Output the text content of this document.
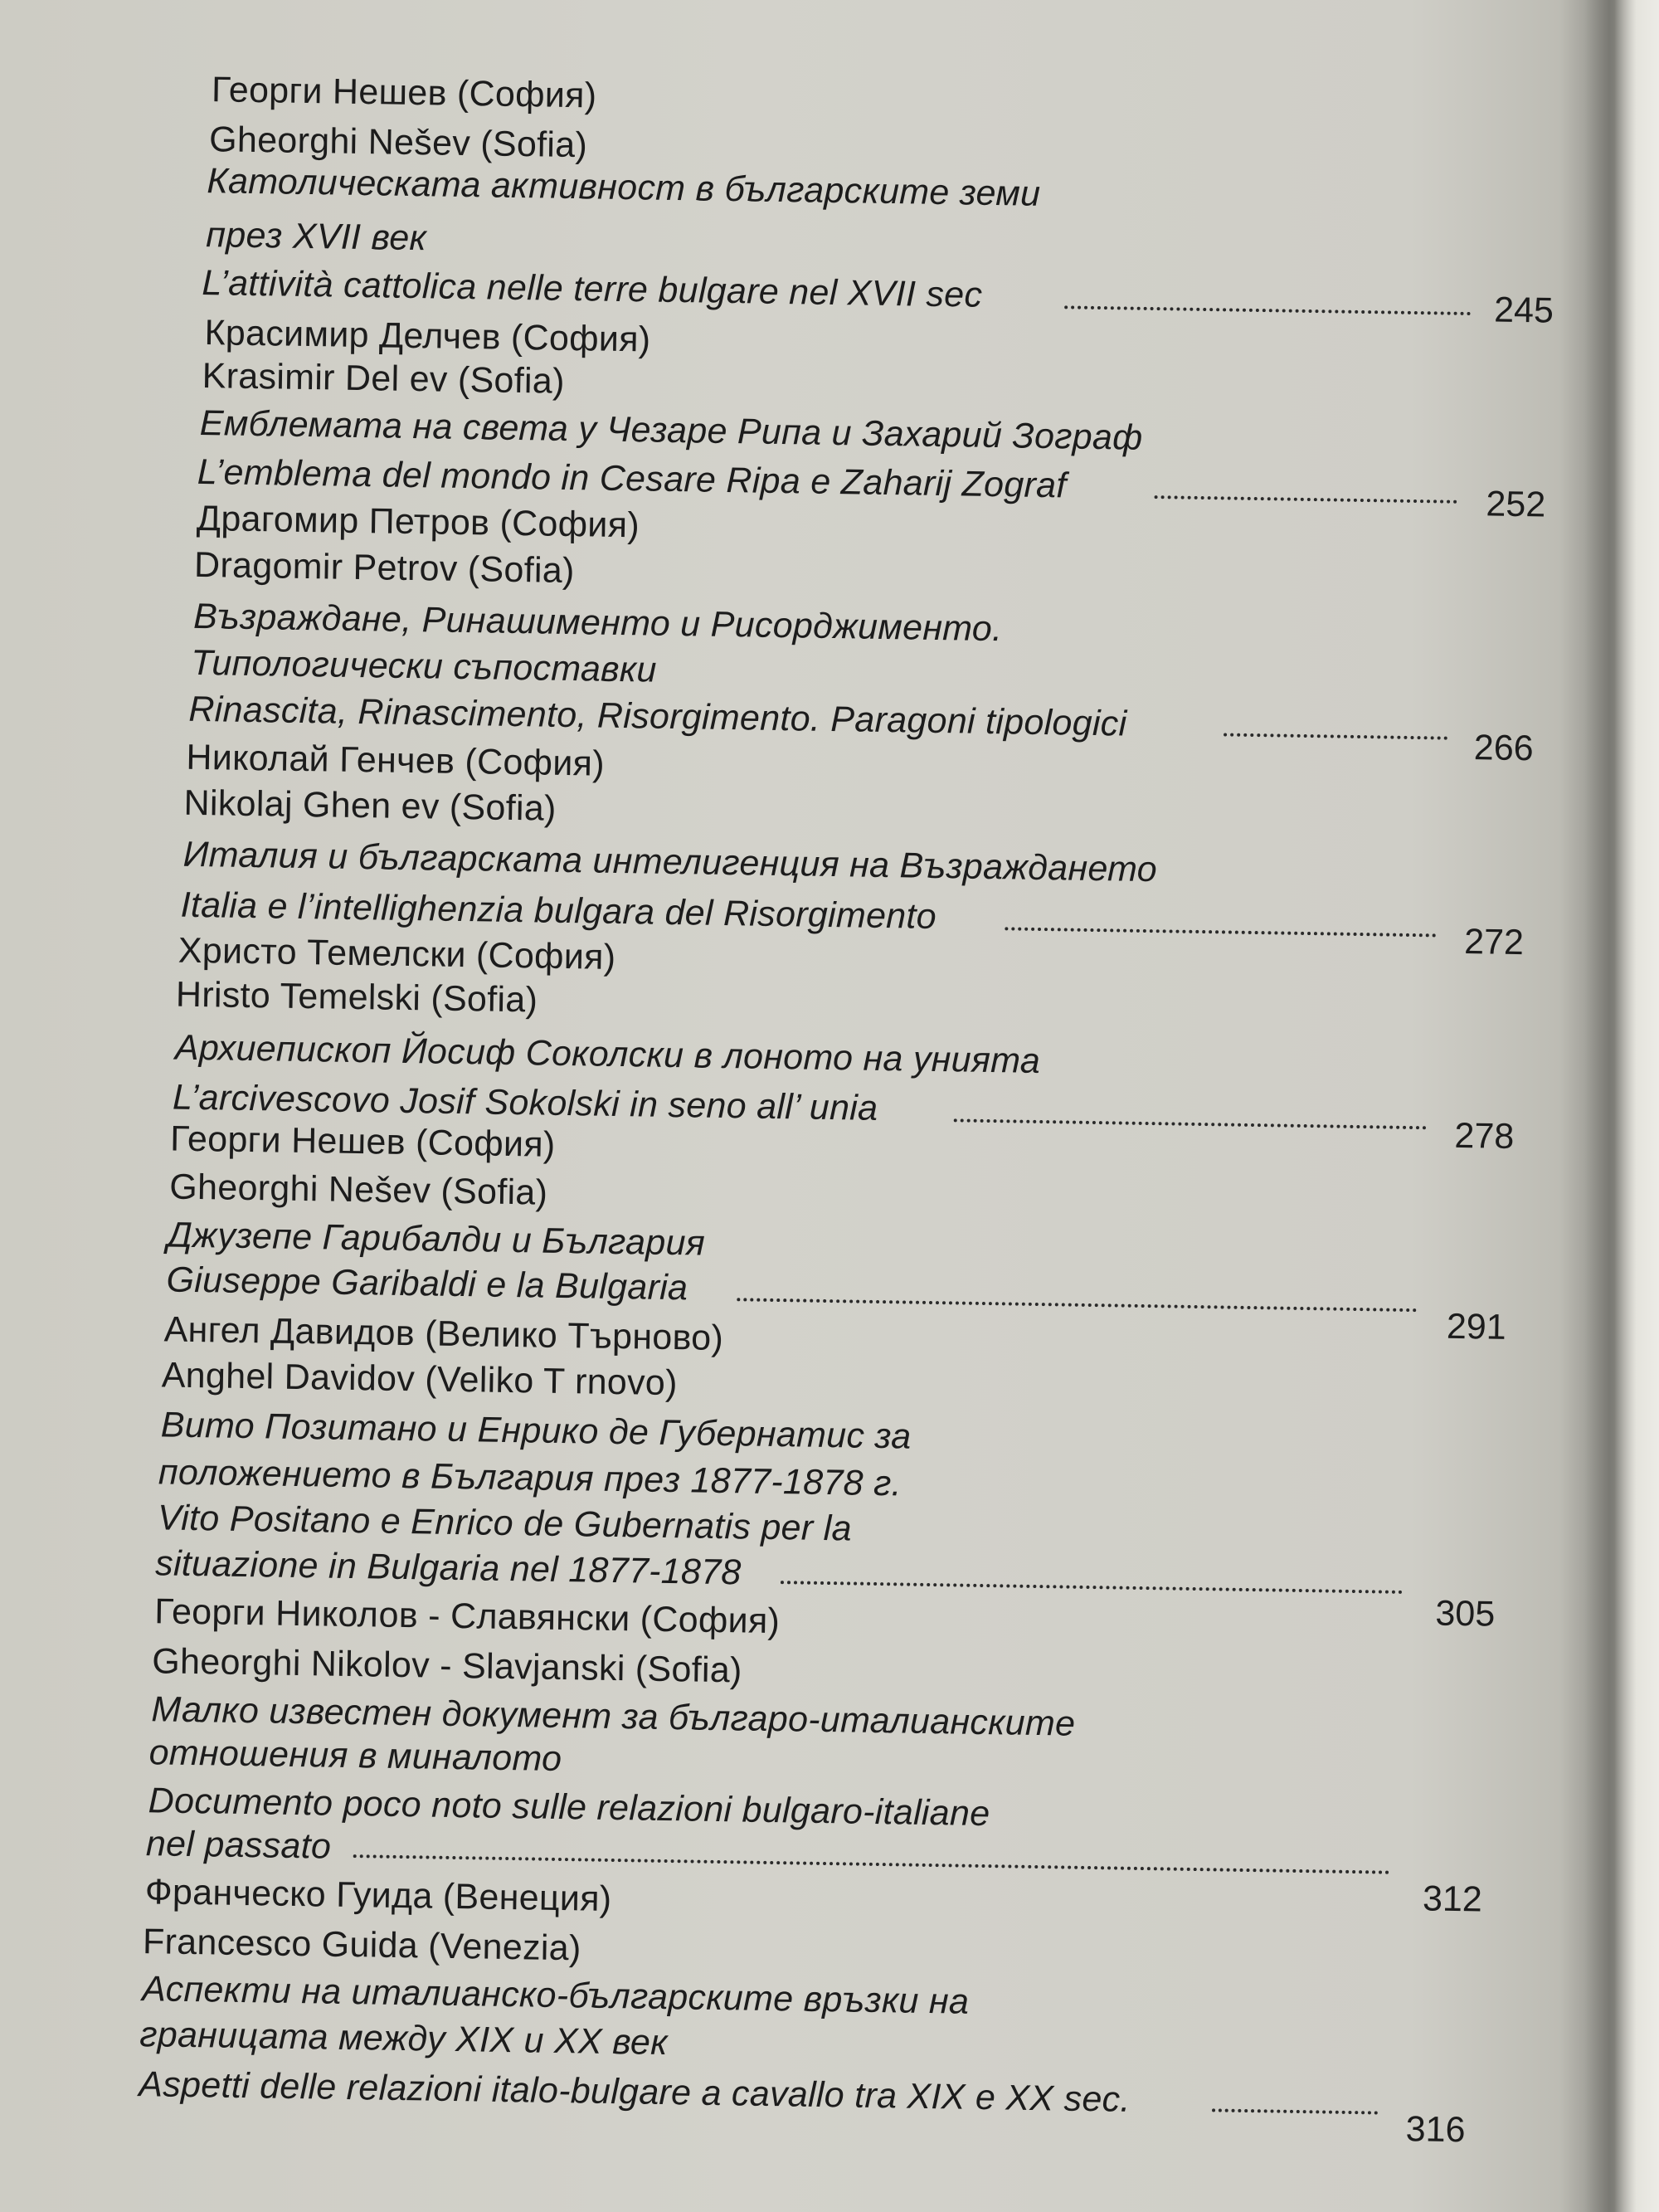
Георги Нешев (София)
Gheorghi Nešev (Sofia)
Католическата активност в българските земи
през XVII век
L’attività cattolica nelle terre bulgare nel XVII sec	245
Красимир Делчев (София)
Krasimir Del ev (Sofia)
Емблемата на света у Чезаре Рипа и Захарий Зограф
L’emblema del mondo in Cesare Ripa e Zaharij Zograf	252
Драгомир Петров (София)
Dragomir Petrov (Sofia)
Възраждане, Ринашименто и Рисорджименто.
Типологически съпоставки
Rinascita, Rinascimento, Risorgimento. Paragoni tipologici
266
Николай Генчев (София)
Nikolaj Ghen ev (Sofia)
Италия и българската интелигенция на Възраждането
Italia e l’intellighenzia bulgara del Risorgimento
272
Христо Темелски (София)
Hristo Temelski (Sofia)
Архиепископ Йосиф Соколски в лоното на унията
L’arcivescovo Josif Sokolski in seno all’ unia
278
Георги Нешев (София)
Gheorghi Nešev (Sofia)
Джузепе Гарибалди и България
Giuseppe Garibaldi e la Bulgaria
291
Ангел Давидов (Велико Търново)
Anghel Davidov (Veliko T rnovo)
Вито Позитано и Енрико де Губернатис за
положението в България през 1877-1878 г.
Vito Positano e Enrico de Gubernatis per la
situazione in Bulgaria nel 1877-1878
305
Георги Николов - Славянски (София)
Gheorghi Nikolov - Slavjanski (Sofia)
Малко известен документ за българо-италианските
отношения в миналото
Documento poco noto sulle relazioni bulgaro-italiane
nel passato
312
Франческо Гуида (Венеция)
Francesco Guida (Venezia)
Аспекти на италианско-българските връзки на
границата между XIX и XX век
Aspetti delle relazioni italo-bulgare a cavallo tra XIX e XX sec.
316
